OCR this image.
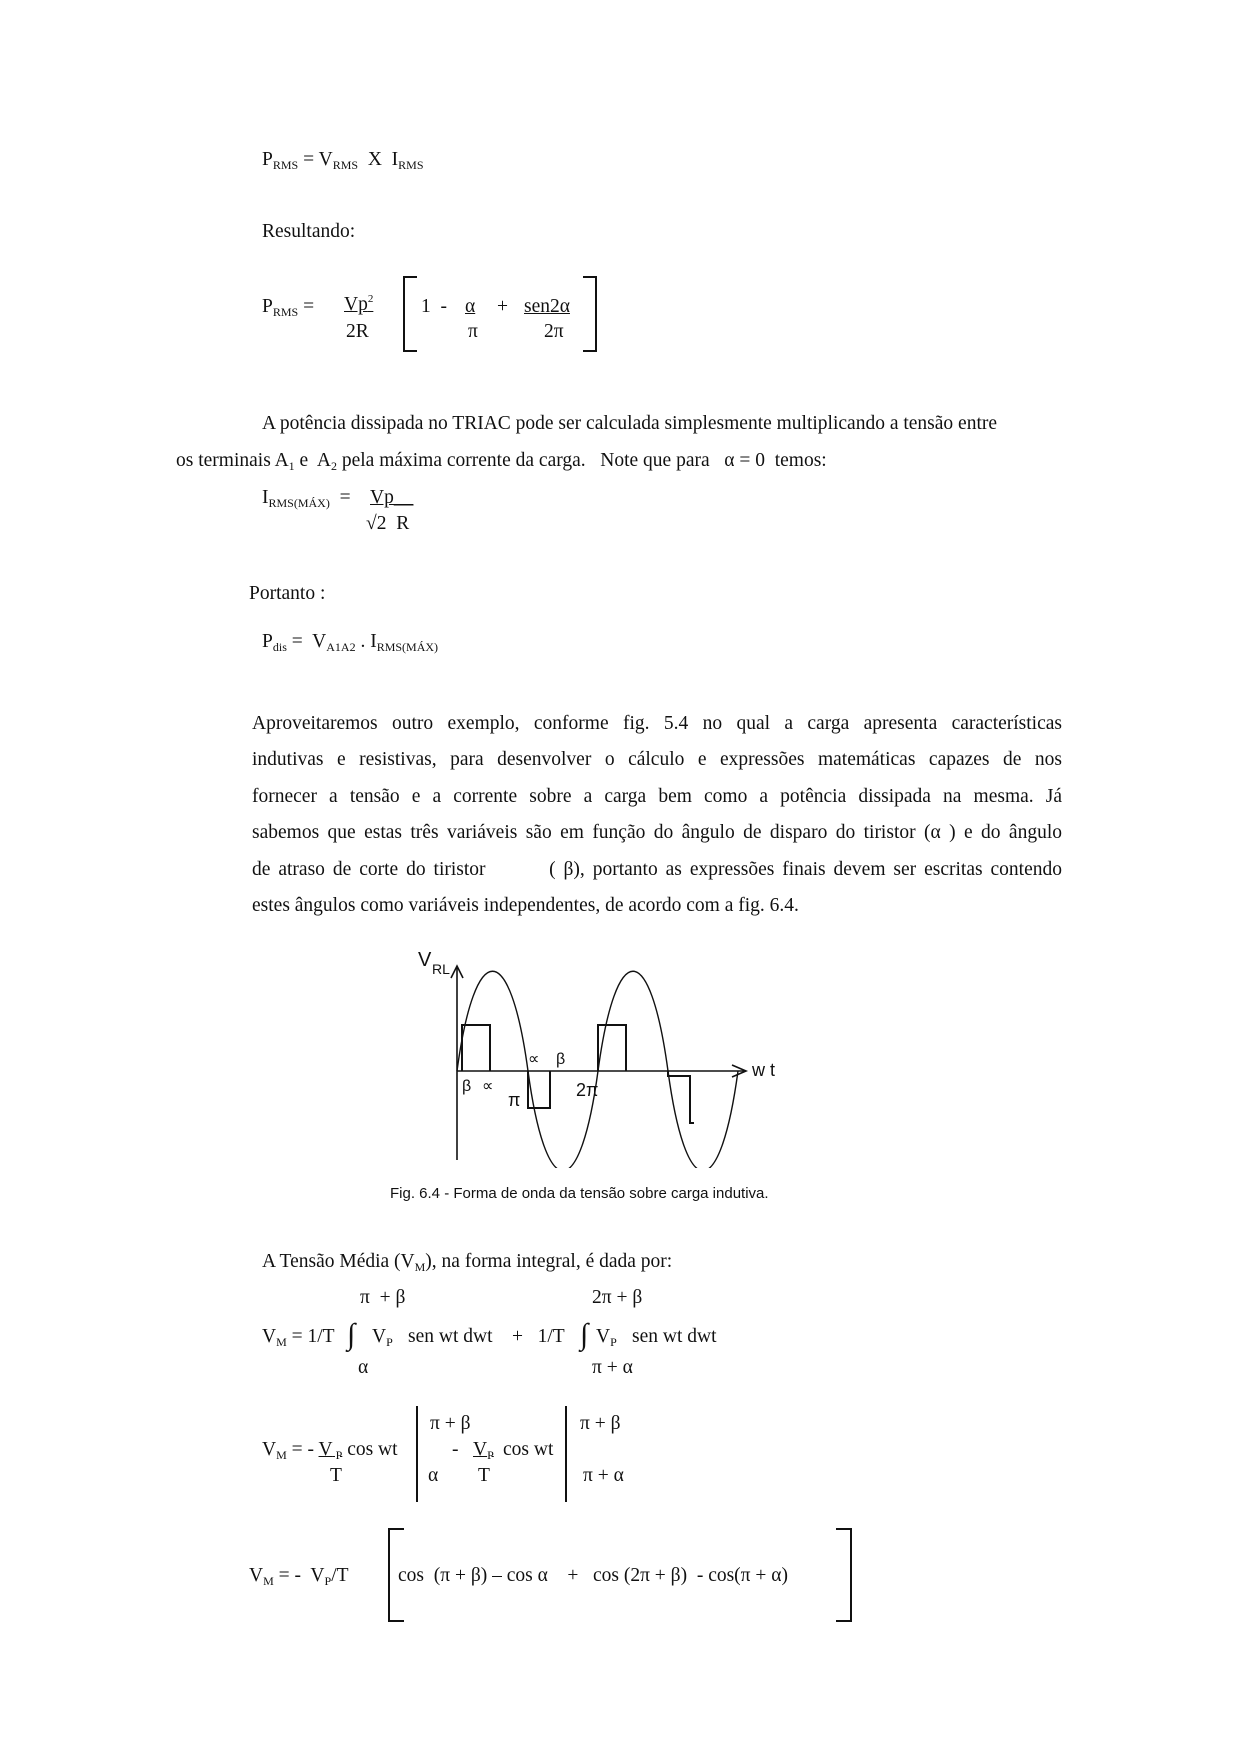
$P_{RMS} = V_{RMS}$  X  $I_{RMS}$
Resultando:
$P_{RMS} = Vp^2$
2R
1  - α	+
π
sen2α
2π
A potência dissipada no TRIAC pode ser calculada simplesmente multiplicando a tensão entre
os terminais $A_1$ e  $A_2$ pela máxima corrente da carga.   Note que para   α = 0  temos:
$I_{RMS(MÁX)}$  = Vp__
√2  R
Portanto :
$P_{dis} = V_{A1A2}$ . $I_{RMS(MÁX)}$
Aproveitaremos outro exemplo, conforme fig. 5.4 no qual a carga apresenta características
indutivas e resistivas, para desenvolver o cálculo e expressões matemáticas capazes de nos
fornecer a tensão e a corrente sobre a carga bem como a potência dissipada na mesma. Já
sabemos que estas três variáveis são em função do ângulo de disparo do tiristor (α ) e do ângulo
de atraso de corte do tiristor        ( β), portanto as expressões finais devem ser escritas contendo
estes ângulos como variáveis independentes, de acordo com a fig. 6.4.
V RL
w t
β ∝
π
∝ β
2π
Fig. 6.4 - Forma de onda da tensão sobre carga indutiva.
A Tensão Média $(V_M)$, na forma integral, é dada por:
π  + β	2π + β
$V_M = 1/T$ ∫ $V_P$ sen wt dwt +   1/T ∫ $V_P$ sen wt dwt
α	π + α
π + β	π + β
$V_M$ = - V $_P$ cos wt	- $V_P$ cos wt
T	α T	π + α
$V_M$ = -  $V_P/T$	cos  (π + β) – cos α    +   cos (2π + β)  - cos(π + α)
